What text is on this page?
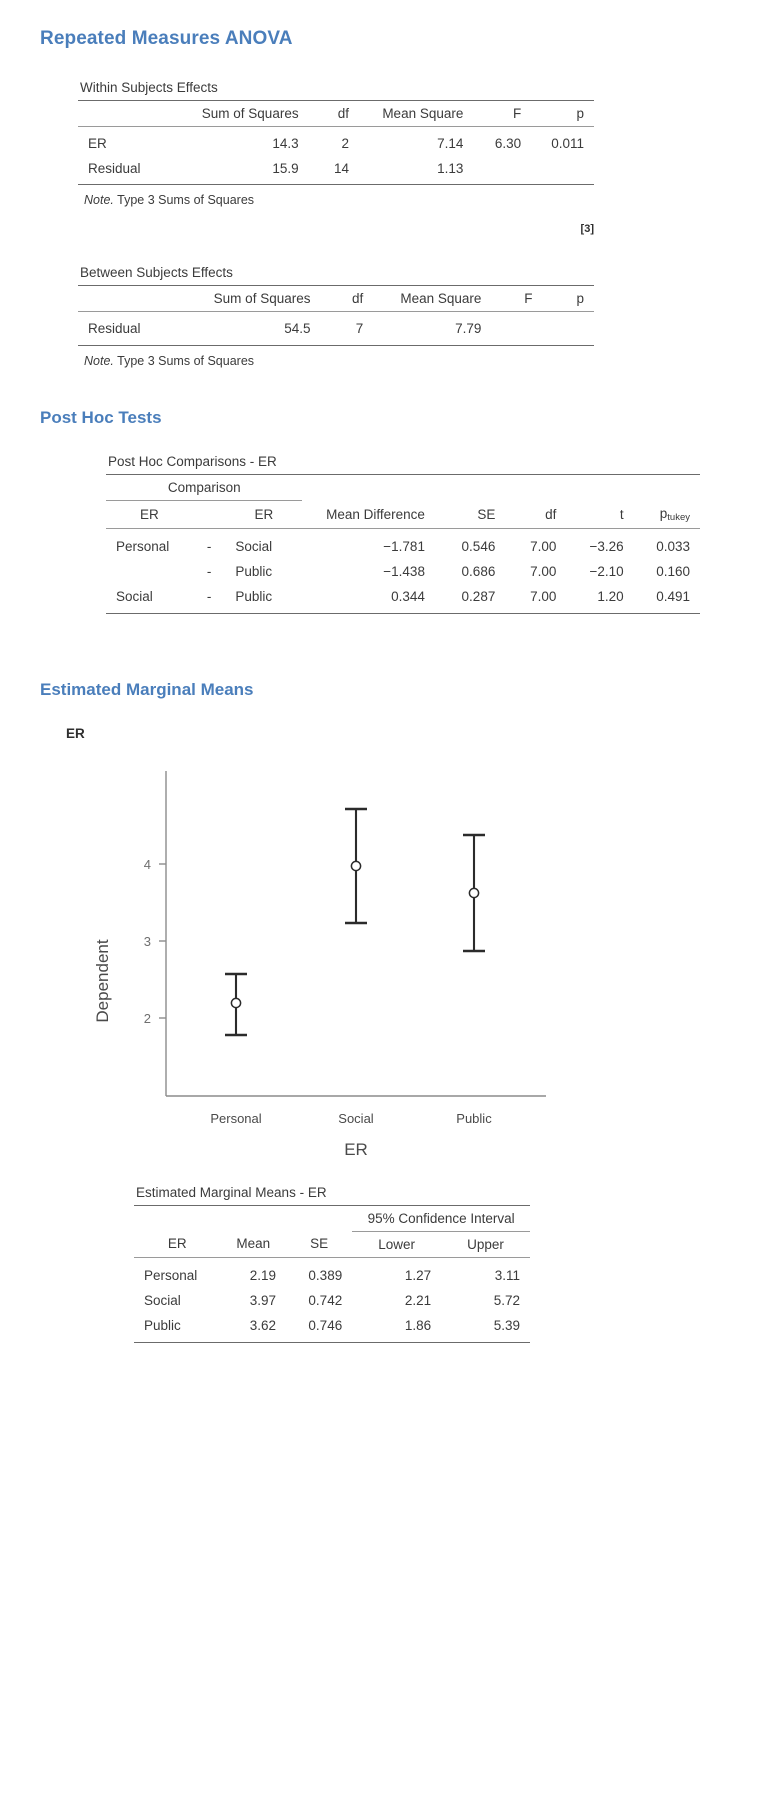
Repeated Measures ANOVA
Within Subjects Effects
	Sum of Squares	df	Mean Square	F	p
ER	14.3	2	7.14	6.30	0.011
Residual	15.9	14	1.13		
Note. Type 3 Sums of Squares
[3]
Between Subjects Effects
	Sum of Squares	df	Mean Square	F	p
Residual	54.5	7	7.79		
Note. Type 3 Sums of Squares
Post Hoc Tests
Post Hoc Comparisons - ER
Comparison							
ER		ER	Mean Difference	SE	df	t	$p_{tukey}$
Personal	-	Social	−1.781	0.546	7.00	−3.26	0.033
	-	Public	−1.438	0.686	7.00	−2.10	0.160
Social	-	Public	0.344	0.287	7.00	1.20	0.491
Estimated Marginal Means
ER
4
3
2
Dependent
Personal	Social	Public
ER
Estimated Marginal Means - ER
			95% Confidence Interval	
ER	Mean	SE	Lower	Upper
Personal	2.19	0.389	1.27	3.11
Social	3.97	0.742	2.21	5.72
Public	3.62	0.746	1.86	5.39
